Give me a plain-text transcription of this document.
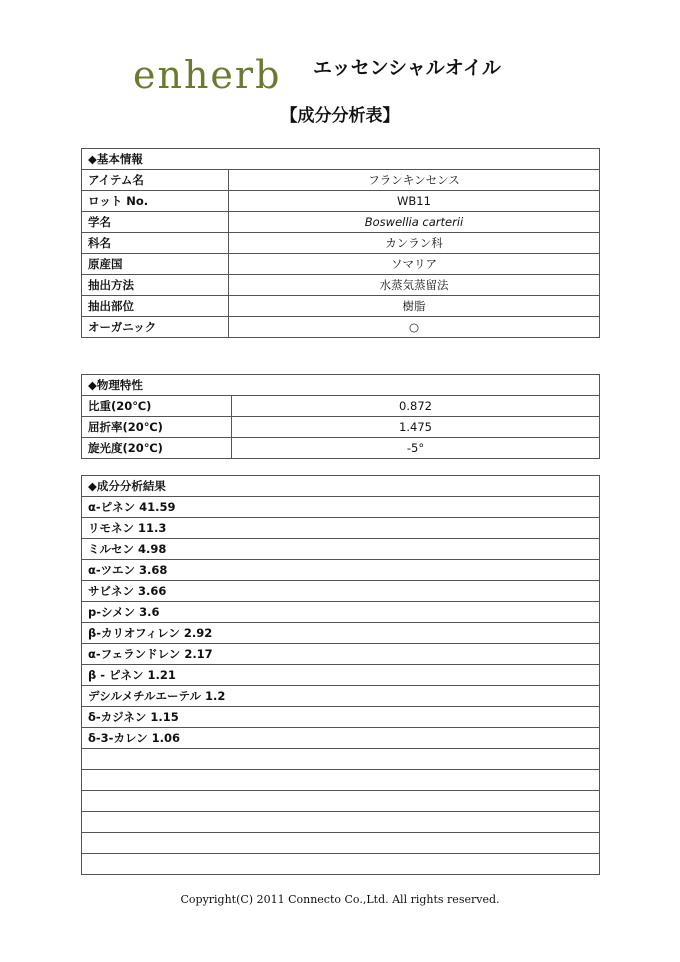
enherb エッセンシャルオイル
【成分分析表】
◆基本情報	
アイテム名	フランキンセンス
ロット No.	WB11
学名	Boswellia carterii
科名	カンラン科
原産国	ソマリア
抽出方法	水蒸気蒸留法
抽出部位	樹脂
オーガニック	○
◆物理特性	
比重(20℃)	0.872
屈折率(20℃)	1.475
旋光度(20℃)	-5°
◆成分分析結果
α-ピネン 41.59
リモネン 11.3
ミルセン 4.98
α-ツエン 3.68
サビネン 3.66
p-シメン 3.6
β-カリオフィレン 2.92
α-フェランドレン 2.17
β - ピネン 1.21
デシルメチルエーテル 1.2
δ-カジネン 1.15
δ-3-カレン 1.06

Copyright(C) 2011 Connecto Co.,Ltd. All rights reserved.
